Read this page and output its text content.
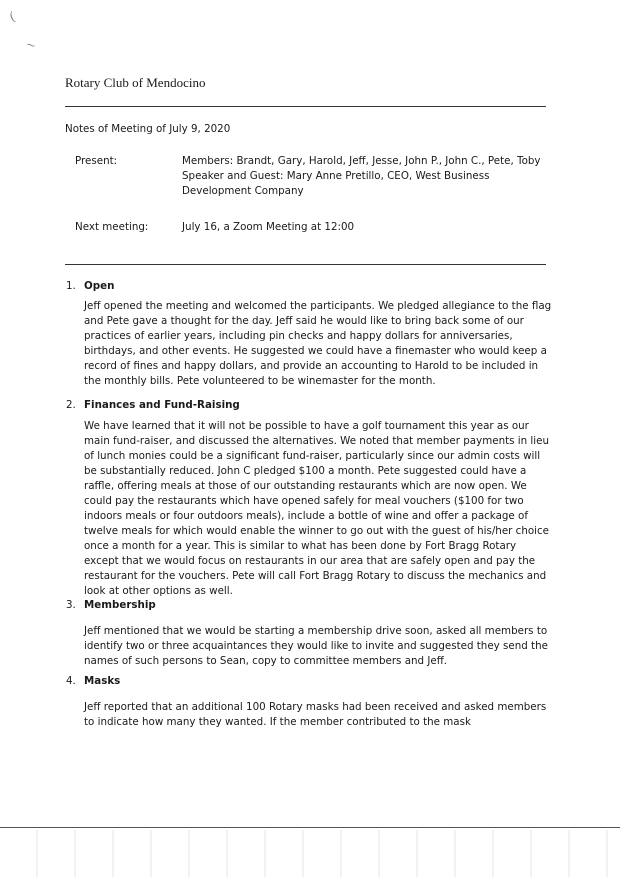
(
~
Rotary Club of Mendocino
Notes of Meeting of July 9, 2020
Present:	Members: Brandt, Gary, Harold, Jeff, Jesse, John P., John C., Pete, Toby
Speaker and Guest: Mary Anne Pretillo, CEO, West Business Development Company
Next meeting:	July 16, a Zoom Meeting at 12:00
1. Open
Jeff opened the meeting and welcomed the participants. We pledged allegiance to the flag and Pete gave a thought for the day. Jeff said he would like to bring back some of our practices of earlier years, including pin checks and happy dollars for anniversaries, birthdays, and other events. He suggested we could have a finemaster who would keep a record of fines and happy dollars, and provide an accounting to Harold to be included in the monthly bills. Pete volunteered to be winemaster for the month.
2. Finances and Fund-Raising
We have learned that it will not be possible to have a golf tournament this year as our main fund-raiser, and discussed the alternatives. We noted that member payments in lieu of lunch monies could be a significant fund-raiser, particularly since our admin costs will be substantially reduced. John C pledged $100 a month. Pete suggested could have a raffle, offering meals at those of our outstanding restaurants which are now open. We could pay the restaurants which have opened safely for meal vouchers ($100 for two indoors meals or four outdoors meals), include a bottle of wine and offer a package of twelve meals for which would enable the winner to go out with the guest of his/her choice once a month for a year. This is similar to what has been done by Fort Bragg Rotary except that we would focus on restaurants in our area that are safely open and pay the restaurant for the vouchers. Pete will call Fort Bragg Rotary to discuss the mechanics and look at other options as well.
3. Membership
Jeff mentioned that we would be starting a membership drive soon, asked all members to identify two or three acquaintances they would like to invite and suggested they send the names of such persons to Sean, copy to committee members and Jeff.
4. Masks
Jeff reported that an additional 100 Rotary masks had been received and asked members to indicate how many they wanted. If the member contributed to the mask
